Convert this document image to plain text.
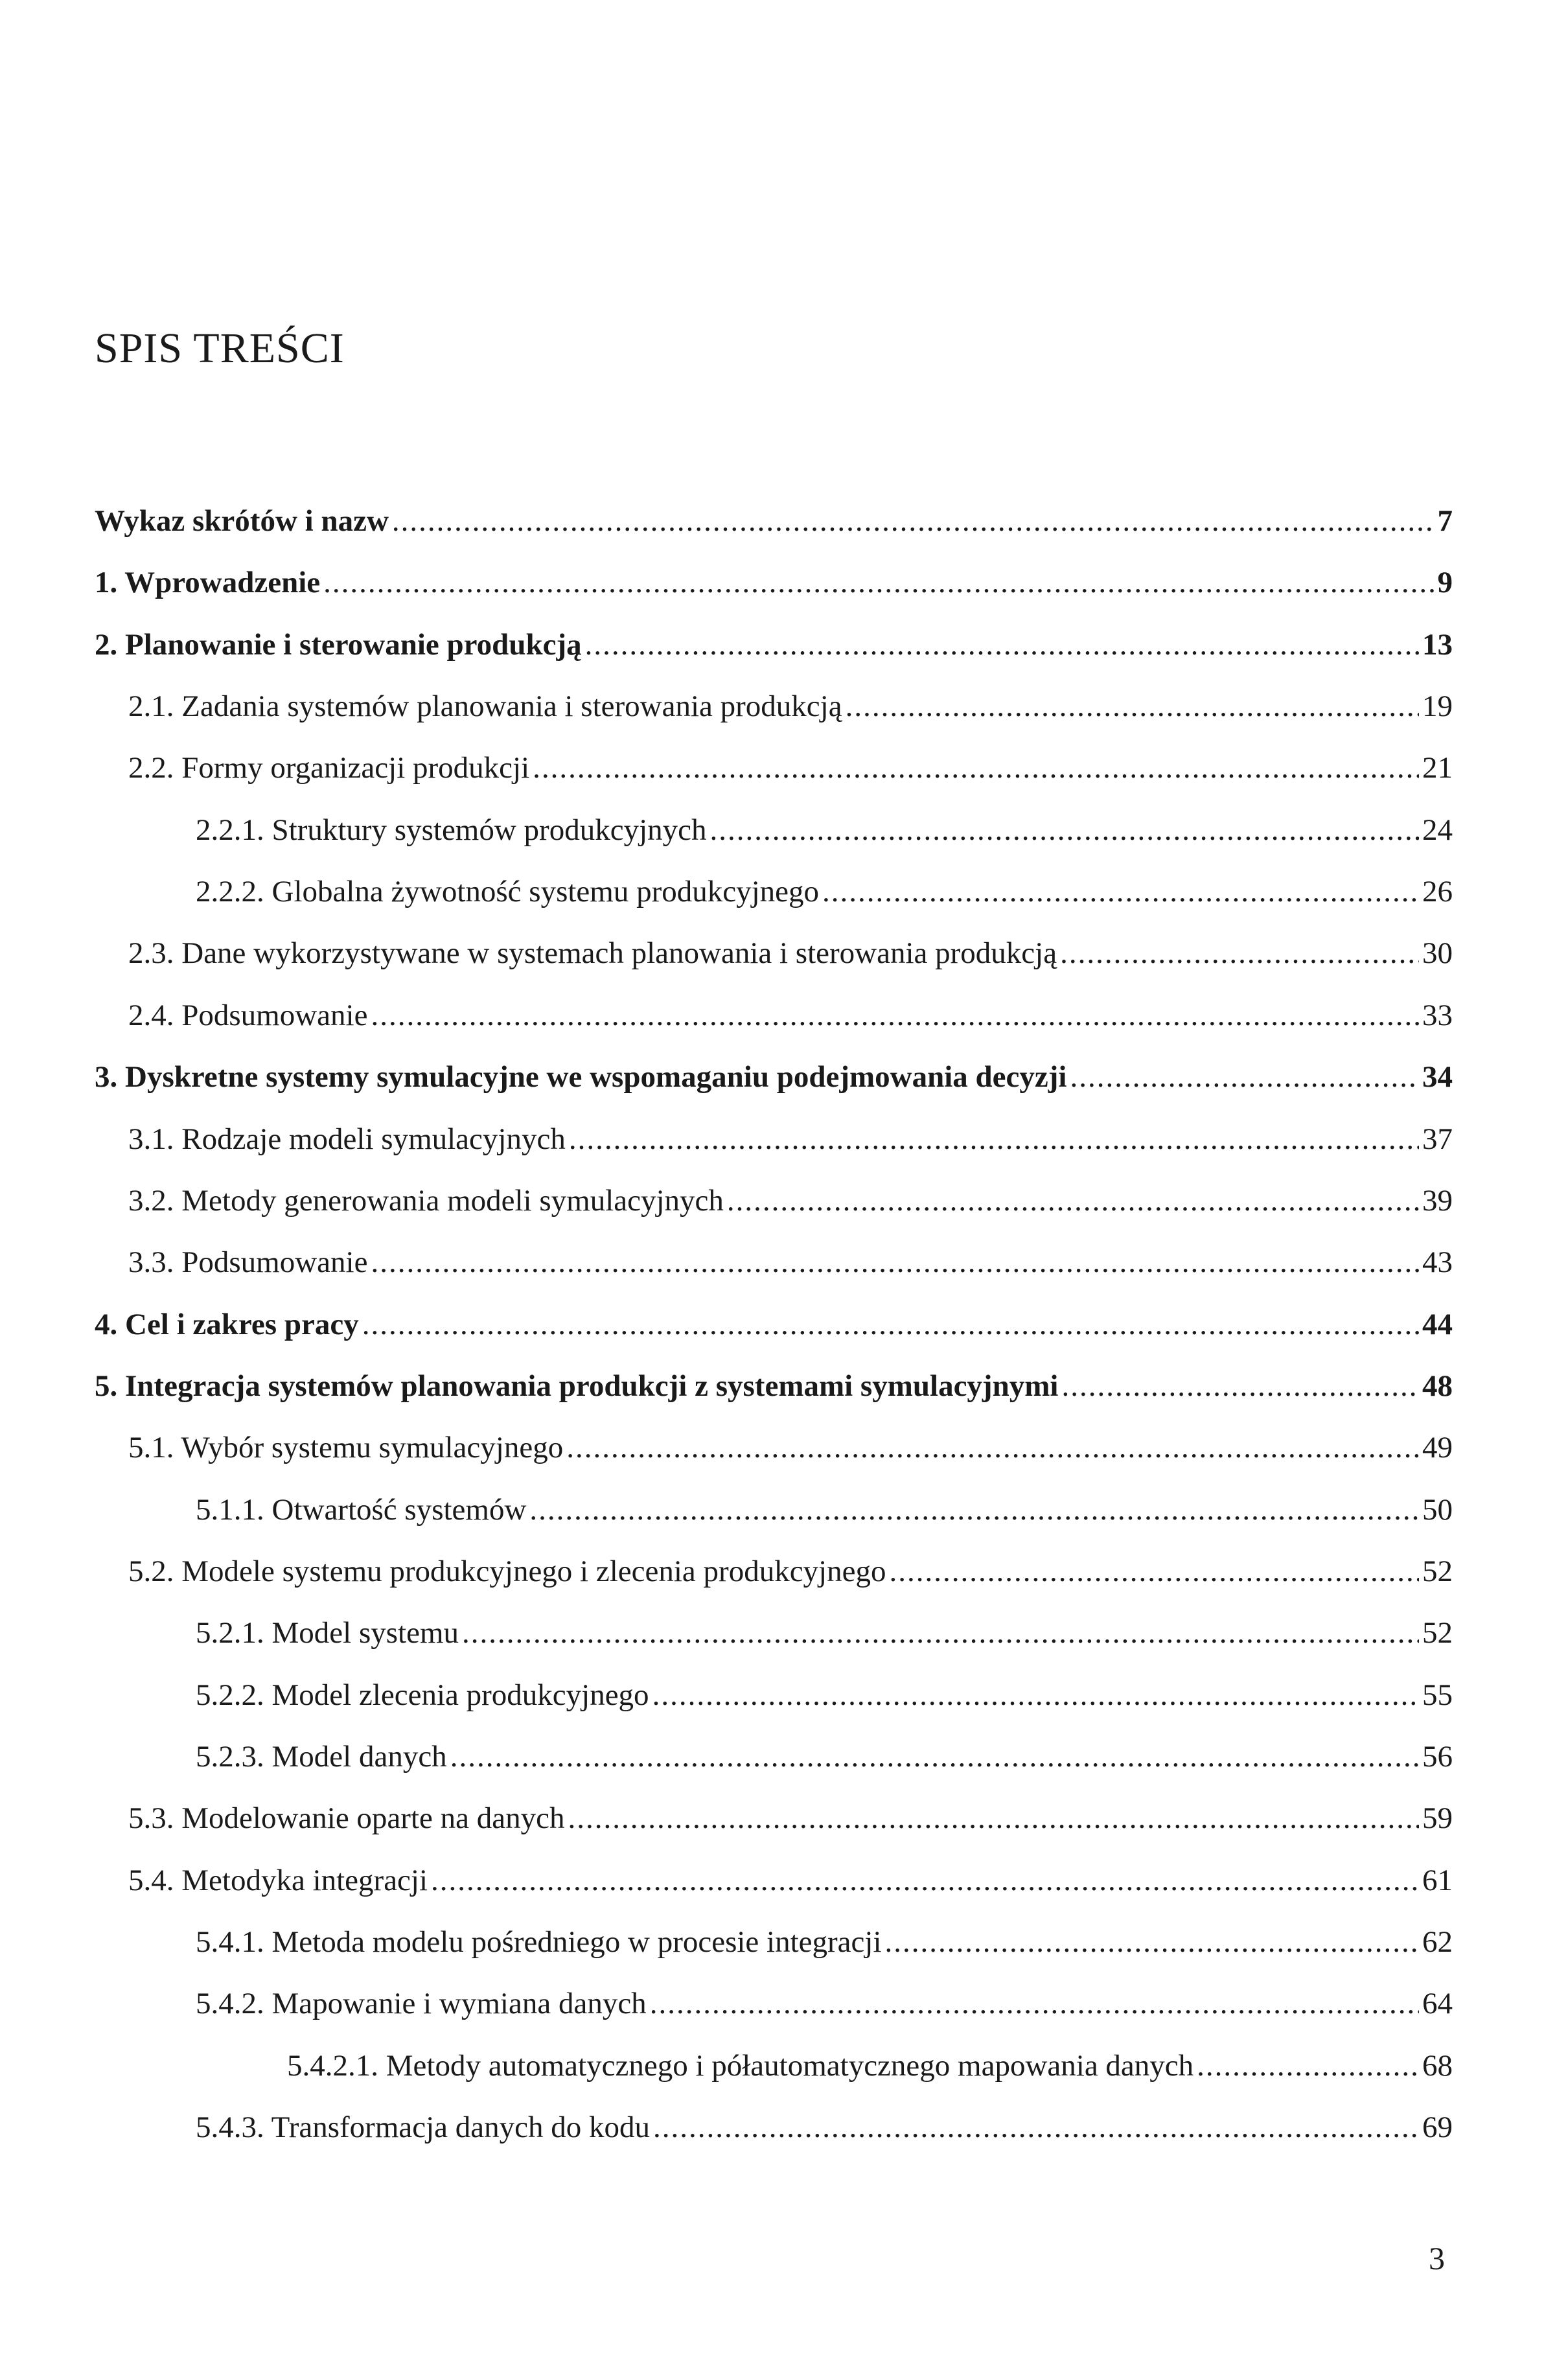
SPIS TREŚCI
Wykaz skrótów i nazw .....	7
1. Wprowadzenie .....	9
2. Planowanie i sterowanie produkcją .....	13
2.1. Zadania systemów planowania i sterowania produkcją .....	19
2.2. Formy organizacji produkcji .....	21
2.2.1. Struktury systemów produkcyjnych .....	24
2.2.2. Globalna żywotność systemu produkcyjnego .....	26
2.3. Dane wykorzystywane w systemach planowania i sterowania produkcją .....	30
2.4. Podsumowanie .....	33
3. Dyskretne systemy symulacyjne we wspomaganiu podejmowania decyzji .....	34
3.1. Rodzaje modeli symulacyjnych .....	37
3.2. Metody generowania modeli symulacyjnych .....	39
3.3. Podsumowanie .....	43
4. Cel i zakres pracy .....	44
5. Integracja systemów planowania produkcji z systemami symulacyjnymi .....	48
5.1. Wybór systemu symulacyjnego .....	49
5.1.1. Otwartość systemów .....	50
5.2. Modele systemu produkcyjnego i zlecenia produkcyjnego .....	52
5.2.1. Model systemu .....	52
5.2.2. Model zlecenia produkcyjnego .....	55
5.2.3. Model danych .....	56
5.3. Modelowanie oparte na danych .....	59
5.4. Metodyka integracji .....	61
5.4.1. Metoda modelu pośredniego w procesie integracji .....	62
5.4.2. Mapowanie i wymiana danych .....	64
5.4.2.1. Metody automatycznego i półautomatycznego mapowania danych .....	68
5.4.3. Transformacja danych do kodu .....	69
3
